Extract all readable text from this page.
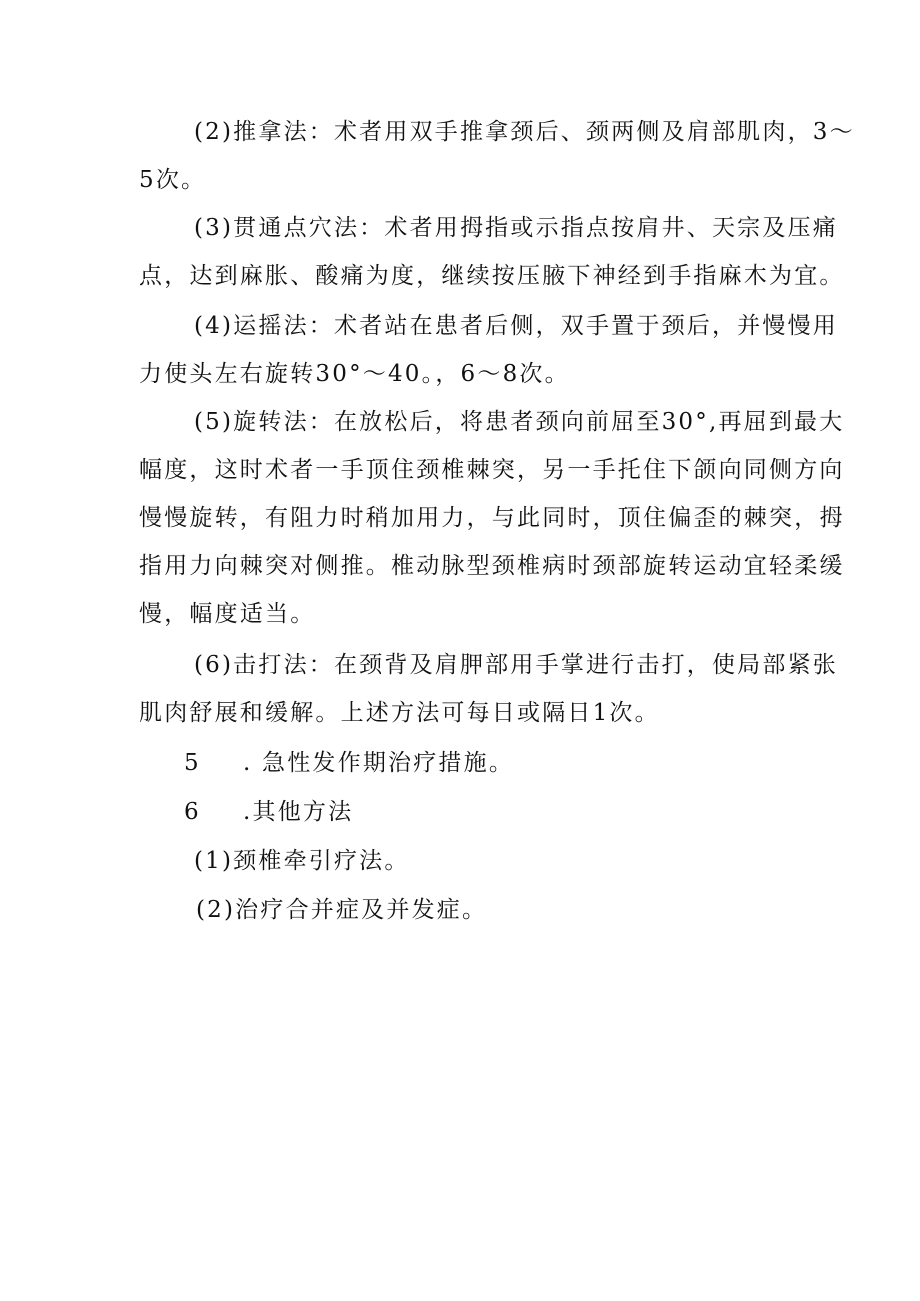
(2)推拿法：术者用双手推拿颈后、颈两侧及肩部肌肉，3～
5次。
(3)贯通点穴法：术者用拇指或示指点按肩井、天宗及压痛
点，达到麻胀、酸痛为度，继续按压腋下神经到手指麻木为宜。
(4)运摇法：术者站在患者后侧，双手置于颈后，并慢慢用
力使头左右旋转30°～40。，6～8次。
(5)旋转法：在放松后，将患者颈向前屈至30°,再屈到最大
幅度，这时术者一手顶住颈椎棘突，另一手托住下颌向同侧方向
慢慢旋转，有阻力时稍加用力，与此同时，顶住偏歪的棘突，拇
指用力向棘突对侧推。椎动脉型颈椎病时颈部旋转运动宜轻柔缓
慢，幅度适当。
(6)击打法：在颈背及肩胛部用手掌进行击打，使局部紧张
肌肉舒展和缓解。上述方法可每日或隔日1次。
5 . 急性发作期治疗措施。
6 .其他方法
(1)颈椎牵引疗法。
(2)治疗合并症及并发症。
